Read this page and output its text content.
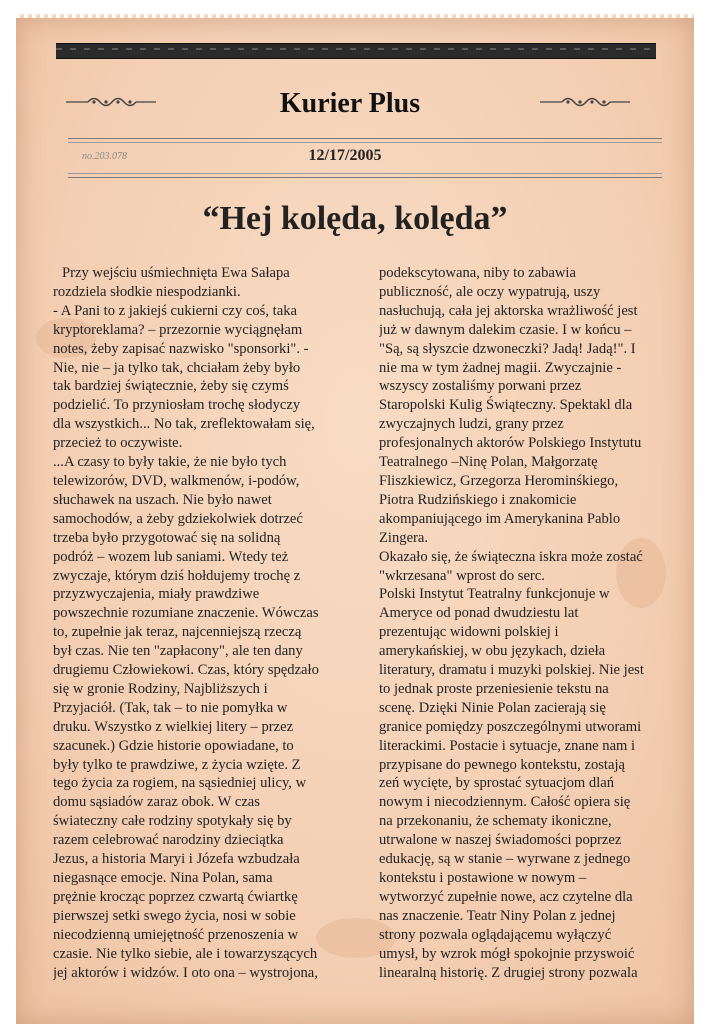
Kurier Plus
no.203.078	12/17/2005
“Hej kolęda, kolęda”

Przy wejściu uśmiechnięta Ewa Sałapa

rozdziela słodkie niespodzianki.

- A Pani to z jakiejś cukierni czy coś, taka

kryptoreklama? – przezornie wyciągnęłam

notes, żeby zapisać nazwisko "sponsorki". -

Nie, nie – ja tylko tak, chciałam żeby było

tak bardziej świątecznie, żeby się czymś

podzielić. To przyniosłam trochę słodyczy

dla wszystkich... No tak, zreflektowałam się,

przecież to oczywiste.

...A czasy to były takie, że nie było tych

telewizorów, DVD, walkmenów, i-podów,

słuchawek na uszach. Nie było nawet

samochodów, a żeby gdziekolwiek dotrzeć

trzeba było przygotować się na solidną

podróż – wozem lub saniami. Wtedy też

zwyczaje, którym dziś hołdujemy trochę z

przyzwyczajenia, miały prawdziwe

powszechnie rozumiane znaczenie. Wówczas

to, zupełnie jak teraz, najcenniejszą rzeczą

był czas. Nie ten "zapłacony", ale ten dany

drugiemu Człowiekowi. Czas, który spędzało

się w gronie Rodziny, Najbliższych i

Przyjaciół. (Tak, tak – to nie pomyłka w

druku. Wszystko z wielkiej litery – przez

szacunek.) Gdzie historie opowiadane, to

były tylko te prawdziwe, z życia wzięte. Z

tego życia za rogiem, na sąsiedniej ulicy, w

domu sąsiadów zaraz obok. W czas

świateczny całe rodziny spotykały się by

razem celebrować narodziny dzieciątka

Jezus, a historia Maryi i Józefa wzbudzała

niegasnące emocje. Nina Polan, sama

prężnie krocząc poprzez czwartą ćwiartkę

pierwszej setki swego życia, nosi w sobie

niecodzienną umiejętność przenoszenia w

czasie. Nie tylko siebie, ale i towarzyszących

jej aktorów i widzów. I oto ona – wystrojona,

podekscytowana, niby to zabawia

publiczność, ale oczy wypatrują, uszy

nasłuchują, cała jej aktorska wrażliwość jest

już w dawnym dalekim czasie. I w końcu –

"Są, są słyszcie dzwoneczki? Jadą! Jadą!". I

nie ma w tym żadnej magii. Zwyczajnie -

wszyscy zostaliśmy porwani przez

Staropolski Kulig Świąteczny. Spektakl dla

zwyczajnych ludzi, grany przez

profesjonalnych aktorów Polskiego Instytutu

Teatralnego –Ninę Polan, Małgorzatę

Fliszkiewicz, Grzegorza Herominśkiego,

Piotra Rudzińskiego i znakomicie

akompaniującego im Amerykanina Pablo

Zingera.

Okazało się, że świąteczna iskra może zostać

"wkrzesana" wprost do serc.

Polski Instytut Teatralny funkcjonuje w

Ameryce od ponad dwudziestu lat

prezentując widowni polskiej i

amerykańskiej, w obu językach, dzieła

literatury, dramatu i muzyki polskiej. Nie jest

to jednak proste przeniesienie tekstu na

scenę. Dzięki Ninie Polan zacierają się

granice pomiędzy poszczególnymi utworami

literackimi. Postacie i sytuacje, znane nam i

przypisane do pewnego kontekstu, zostają

zeń wycięte, by sprostać sytuacjom dlań

nowym i niecodziennym. Całość opiera się

na przekonaniu, że schematy ikoniczne,

utrwalone w naszej świadomości poprzez

edukację, są w stanie – wyrwane z jednego

kontekstu i postawione w nowym –

wytworzyć zupełnie nowe, acz czytelne dla

nas znaczenie. Teatr Niny Polan z jednej

strony pozwala oglądającemu wyłączyć

umysł, by wzrok mógł spokojnie przyswoić

linearalną historię. Z drugiej strony pozwala
